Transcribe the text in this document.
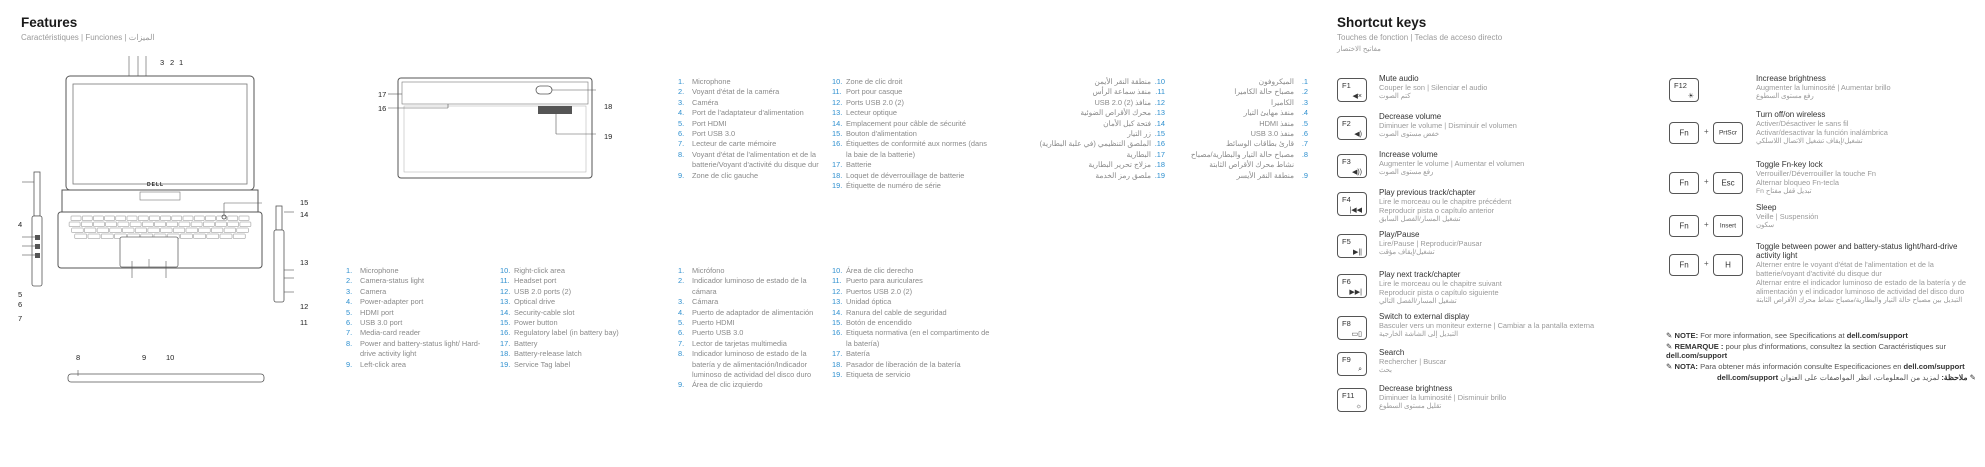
Features
Caractéristiques | Funciones | الميزات
DELL
3 2 1
4
5
6
7
8
15
14
13
12
11
9	10
17
16	18
19
1.	Microphone
2.	Camera-status light
3.	Camera
4.	Power-adapter port
5.	HDMI port
6.	USB 3.0 port
7.	Media-card reader
8.	Power and battery-status light/ Hard-drive activity light
9.	Left-click area
10. Right-click area
11. Headset port
12. USB 2.0 ports (2)
13. Optical drive
14. Security-cable slot
15. Power button
16. Regulatory label (in battery bay)
17. Battery
18. Battery-release latch
19. Service Tag label
1.	Microphone
2.	Voyant d'état de la caméra
3.	Caméra
4.	Port de l'adaptateur d'alimentation
5.	Port HDMI
6.	Port USB 3.0
7.	Lecteur de carte mémoire
8.	Voyant d'état de l'alimentation et de la batterie/Voyant d'activité du disque dur
9.	Zone de clic gauche
10. Zone de clic droit
11. Port pour casque
12. Ports USB 2.0 (2)
13. Lecteur optique
14. Emplacement pour câble de sécurité
15. Bouton d'alimentation
16. Étiquettes de conformité aux normes (dans la baie de la batterie)
17. Batterie
18. Loquet de déverrouillage de batterie
19. Étiquette de numéro de série
1.	Micrófono
2.	Indicador luminoso de estado de la cámara
3.	Cámara
4.	Puerto de adaptador de alimentación
5.	Puerto HDMI
6.	Puerto USB 3.0
7.	Lector de tarjetas multimedia
8.	Indicador luminoso de estado de la batería y de alimentación/Indicador luminoso de actividad del disco duro
9.	Área de clic izquierdo
10. Área de clic derecho
11. Puerto para auriculares
12. Puertos USB 2.0 (2)
13. Unidad óptica
14. Ranura del cable de seguridad
15. Botón de encendido
16. Etiqueta normativa (en el compartimento de la batería)
17. Batería
18. Pasador de liberación de la batería
19. Etiqueta de servicio
1.
الميكروفون
2.
مصباح حالة الكاميرا
3.
الكاميرا
4.
منفذ مهايئ التيار
5.
منفذ HDMI
6.
منفذ USB 3.0
7.
قارئ بطاقات الوسائط
8.
مصباح حالة التيار والبطارية/مصباح نشاط محرك الأقراص الثابتة
9.
منطقة النقر الأيسر
10.
منطقة النقر الأيمن
11.
منفذ سماعة الرأس
12.
منافذ USB 2.0 (2)
13.
محرك الأقراص الضوئية
14.
فتحة كبل الأمان
15.
زر التيار
16.
الملصق التنظيمي (في علبة البطارية)
17.
البطارية
18.
مزلاج تحرير البطارية
19.
ملصق رمز الخدمة
Shortcut keys
Touches de fonction | Teclas de acceso directo
مفاتيح الاختصار
Mute audio
Couper le son | Silenciar el audio
كتم الصوت
Decrease volume
Diminuer le volume | Disminuir el volumen
خفض مستوى الصوت
Increase volume
Augmenter le volume | Aumentar el volumen
رفع مستوى الصوت
Play previous track/chapter
Lire le morceau ou le chapitre précédent
Reproducir pista o capítulo anterior
تشغيل المسار/الفصل السابق
Play/Pause
Lire/Pause | Reproducir/Pausar
تشغيل/إيقاف مؤقت
Play next track/chapter
Lire le morceau ou le chapitre suivant
Reproducir pista o capítulo siguiente
تشغيل المسار/الفصل التالي
Switch to external display
Basculer vers un moniteur externe | Cambiar a la pantalla externa
التبديل إلى الشاشة الخارجية
Search
Rechercher | Buscar
بحث
Decrease brightness
Diminuer la luminosité | Disminuir brillo
تقليل مستوى السطوع
Increase brightness
Augmenter la luminosité | Aumentar brillo
رفع مستوى السطوع
Turn off/on wireless
Activer/Désactiver le sans fil
Activar/desactivar la función inalámbrica
تشغيل/إيقاف تشغيل الاتصال اللاسلكي
Toggle Fn-key lock
Verrouiller/Déverrouiller la touche Fn
Alternar bloqueo Fn-tecla
تبديل قفل مفتاح Fn
Sleep
Veille | Suspensión
سكون
Toggle between power and battery-status light/hard-drive activity light
Alterner entre le voyant d'état de l'alimentation et de la batterie/voyant d'activité du disque dur
Alternar entre el indicador luminoso de estado de la batería y de alimentación y el indicador luminoso de actividad del disco duro
التبديل بين مصباح حالة التيار والبطارية/مصباح نشاط محرك الأقراص الثابتة
✎ NOTE: For more information, see Specifications at dell.com/support
✎ REMARQUE : pour plus d'informations, consultez la section Caractéristiques sur dell.com/support
✎ NOTA: Para obtener más información consulte Especificaciones en dell.com/support
✎ ملاحظة: لمزيد من المعلومات، انظر المواصفات على العنوان dell.com/support
F1
◀×
F2
◀)
F3
◀))
F4
|◀◀
F5
▶||
F6
▶▶|
F8
▭▯
F9
⌕
F11
☼
F12
☀
Fn	+	PrtScr
Fn	+	Esc
Fn	+	Insert
Fn	+	H
